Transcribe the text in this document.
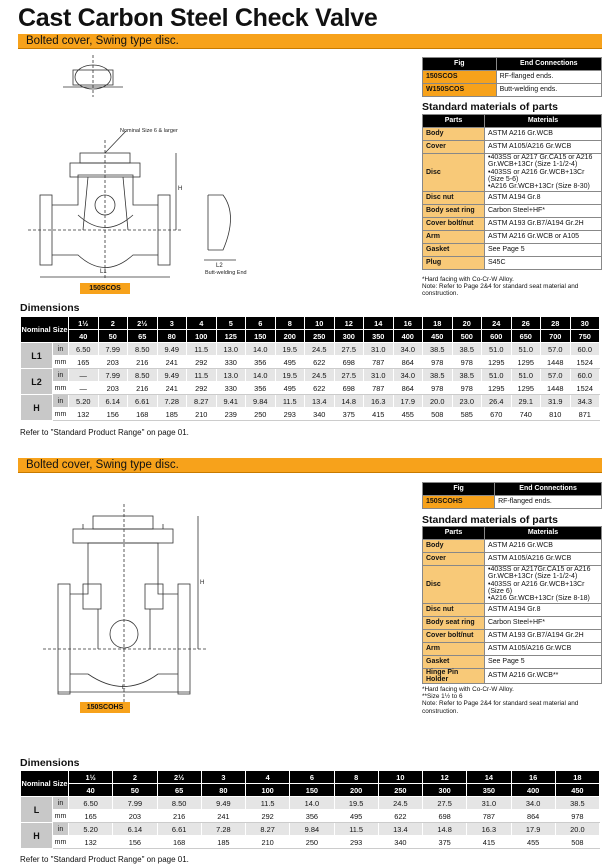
Cast Carbon Steel Check Valve
Bolted cover, Swing type disc.
H
L1
L2
Nominal Size 6 & larger
Butt-welding End
150SCOS
Fig	End Connections
150SCOS	RF-flanged ends.
W150SCOS	Butt-welding ends.
Standard materials of parts
Parts	Materials
Body	ASTM A216 Gr.WCB
Cover	ASTM A105/A216 Gr.WCB
Disc	•403SS or A217 Gr.CA15 or A216 Gr.WCB+13Cr (Size 1-1/2-4)
•403SS or A216 Gr.WCB+13Cr (Size 5-6)
•A216 Gr.WCB+13Cr (Size 8-30)
Disc nut	ASTM A194 Gr.8
Body seat ring	Carbon Steel+HF*
Cover bolt/nut	ASTM A193 Gr.B7/A194 Gr.2H
Arm	ASTM A216 Gr.WCB or A105
Gasket	See Page 5
Plug	S45C
*Hard facing with Co-Cr-W Alloy.
Note: Refer to Page 2&4 for standard seat material and construction.
Dimensions
Nominal Size		1½	2	2½	3	4	5	6	8	10	12	14	16	18	20	24	26	28	30
		40	50	65	80	100	125	150	200	250	300	350	400	450	500	600	650	700	750
L1	in	6.50	7.99	8.50	9.49	11.5	13.0	14.0	19.5	24.5	27.5	31.0	34.0	38.5	38.5	51.0	51.0	57.0	60.0
	mm	165	203	216	241	292	330	356	495	622	698	787	864	978	978	1295	1295	1448	1524
L2	in	—	7.99	8.50	9.49	11.5	13.0	14.0	19.5	24.5	27.5	31.0	34.0	38.5	38.5	51.0	51.0	57.0	60.0
	mm	—	203	216	241	292	330	356	495	622	698	787	864	978	978	1295	1295	1448	1524
H	in	5.20	6.14	6.61	7.28	8.27	9.41	9.84	11.5	13.4	14.8	16.3	17.9	20.0	23.0	26.4	29.1	31.9	34.3
	mm	132	156	168	185	210	239	250	293	340	375	415	455	508	585	670	740	810	871
Refer to "Standard Product Range" on page 01.
Bolted cover, Swing type disc.
H
L
150SCOHS
Fig	End Connections
150SCOHS	RF-flanged ends.
Standard materials of parts
Parts	Materials
Body	ASTM A216 Gr.WCB
Cover	ASTM A105/A216 Gr.WCB
Disc	•403SS or A217Gr.CA15 or A216 Gr.WCB+13Cr (Size 1-1/2-4)
•403SS or A216 Gr.WCB+13Cr (Size 6)
•A216 Gr.WCB+13Cr (Size 8-18)
Disc nut	ASTM A194 Gr.8
Body seat ring	Carbon Steel+HF*
Cover bolt/nut	ASTM A193 Gr.B7/A194 Gr.2H
Arm	ASTM A105/A216 Gr.WCB
Gasket	See Page 5
Hinge Pin Holder	ASTM A216 Gr.WCB**
*Hard facing with Co-Cr-W Alloy.
**Size 1½ to 6
Note: Refer to Page 2&4 for standard seat material and construction.
Dimensions
Nominal Size		1½	2	2½	3	4	6	8	10	12	14	16	18
		40	50	65	80	100	150	200	250	300	350	400	450
L	in	6.50	7.99	8.50	9.49	11.5	14.0	19.5	24.5	27.5	31.0	34.0	38.5
	mm	165	203	216	241	292	356	495	622	698	787	864	978
H	in	5.20	6.14	6.61	7.28	8.27	9.84	11.5	13.4	14.8	16.3	17.9	20.0
	mm	132	156	168	185	210	250	293	340	375	415	455	508
Refer to "Standard Product Range" on page 01.
